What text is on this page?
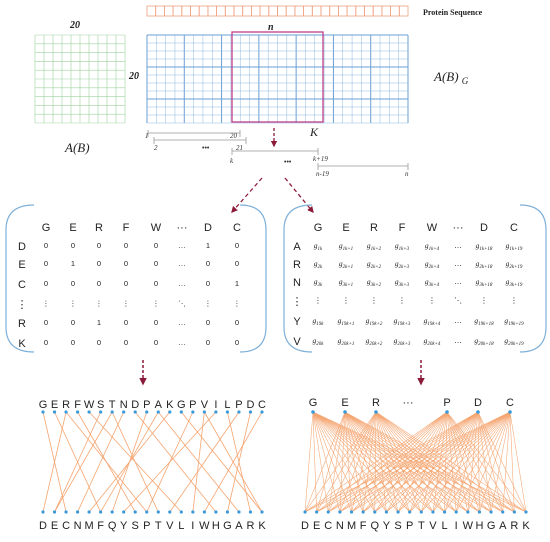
Protein Sequence
20
A(B)
n
20
K
A(B) $_G$
1	20
2	21
•••
k	k+19
•••
n-19	n
G E R F W ··· D C
D 0	0	0	0	0	…	1	0
E 0	1	0	0	0	…	0	0
C 0	0	0	0	0	…	0	1
⋮ ⋮	⋮ ⋮	⋮	⋮ ⋱ ⋮	⋮
R 0	0	1	0	0	…	0	0
K 0	0	0	0	0	…	0	0
G E R F W ··· D C
A $g_{1k}$ $g_{1k+1}$ $g_{1k+2}$ $g_{1k+3}$ $g_{1k+4}$ … $g_{1k+18}$ $g_{1k+19}$
R $g_{2k}$ $g_{2k+1}$ $g_{2k+2}$ $g_{2k+3}$ $g_{2k+4}$ … $g_{2k+18}$ $g_{2k+19}$
N $g_{3k}$ $g_{3k+1}$ $g_{3k+2}$ $g_{3k+3}$ $g_{3k+4}$ … $g_{3k+18}$ $g_{3k+19}$
⋮ ⋮	⋮	⋮	⋮	⋮ ⋱ ⋮	⋮
Y $g_{19k}$ $g_{19k+1}$ $g_{19k+2}$ $g_{19k+3}$ $g_{19k+4}$ … $g_{19k+18}$ $g_{19k+19}$
V $g_{20k}$ $g_{20k+1}$ $g_{20k+2}$ $g_{20k+3}$ $g_{20k+4}$ … $g_{20k+18}$ $g_{20k+19}$
G E R F W S T N D P A K G P V I L P D C
D E C N M F Q Y S P T V L I W H G A R K
G E R ···	P D C
D E C N M F Q Y S P T V L I W H G A R K
